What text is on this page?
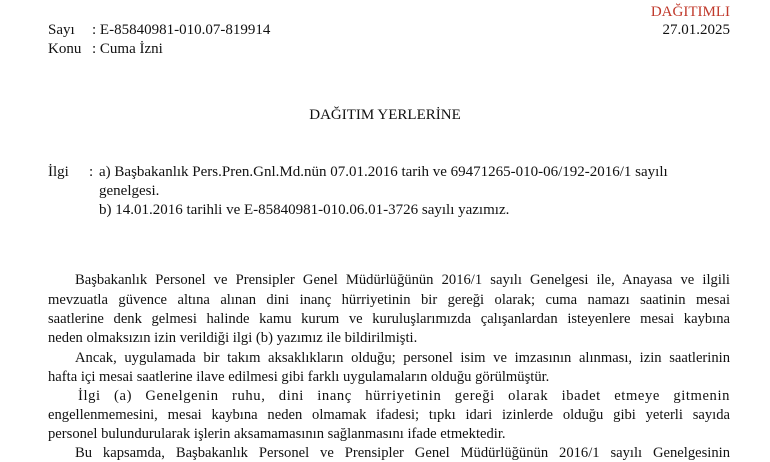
DAĞITIMLI
27.01.2025
Sayı : E-85840981-010.07-819914
Konu : Cuma İzni
DAĞITIM YERLERİNE
İlgi : a) Başbakanlık Pers.Pren.Gnl.Md.nün 07.01.2016 tarih ve 69471265-010-06/192-2016/1 sayılı
genelgesi.
b) 14.01.2016 tarihli ve E-85840981-010.06.01-3726 sayılı yazımız.
Başbakanlık Personel ve Prensipler Genel Müdürlüğünün 2016/1 sayılı Genelgesi ile, Anayasa ve ilgili
mevzuatla güvence altına alınan dini inanç hürriyetinin bir gereği olarak; cuma namazı saatinin mesai
saatlerine denk gelmesi halinde kamu kurum ve kuruluşlarımızda çalışanlardan isteyenlere mesai kaybına
neden olmaksızın izin verildiği ilgi (b) yazımız ile bildirilmişti.
Ancak, uygulamada bir takım aksaklıkların olduğu; personel isim ve imzasının alınması, izin saatlerinin
hafta içi mesai saatlerine ilave edilmesi gibi farklı uygulamaların olduğu görülmüştür.
İlgi (a) Genelgenin ruhu, dini inanç hürriyetinin gereği olarak ibadet etmeye gitmenin
engellenmemesini, mesai kaybına neden olmamak ifadesi; tıpkı idari izinlerde olduğu gibi yeterli sayıda
personel bulundurularak işlerin aksamamasının sağlanmasını ifade etmektedir.
Bu kapsamda, Başbakanlık Personel ve Prensipler Genel Müdürlüğünün 2016/1 sayılı Genelgesinin
